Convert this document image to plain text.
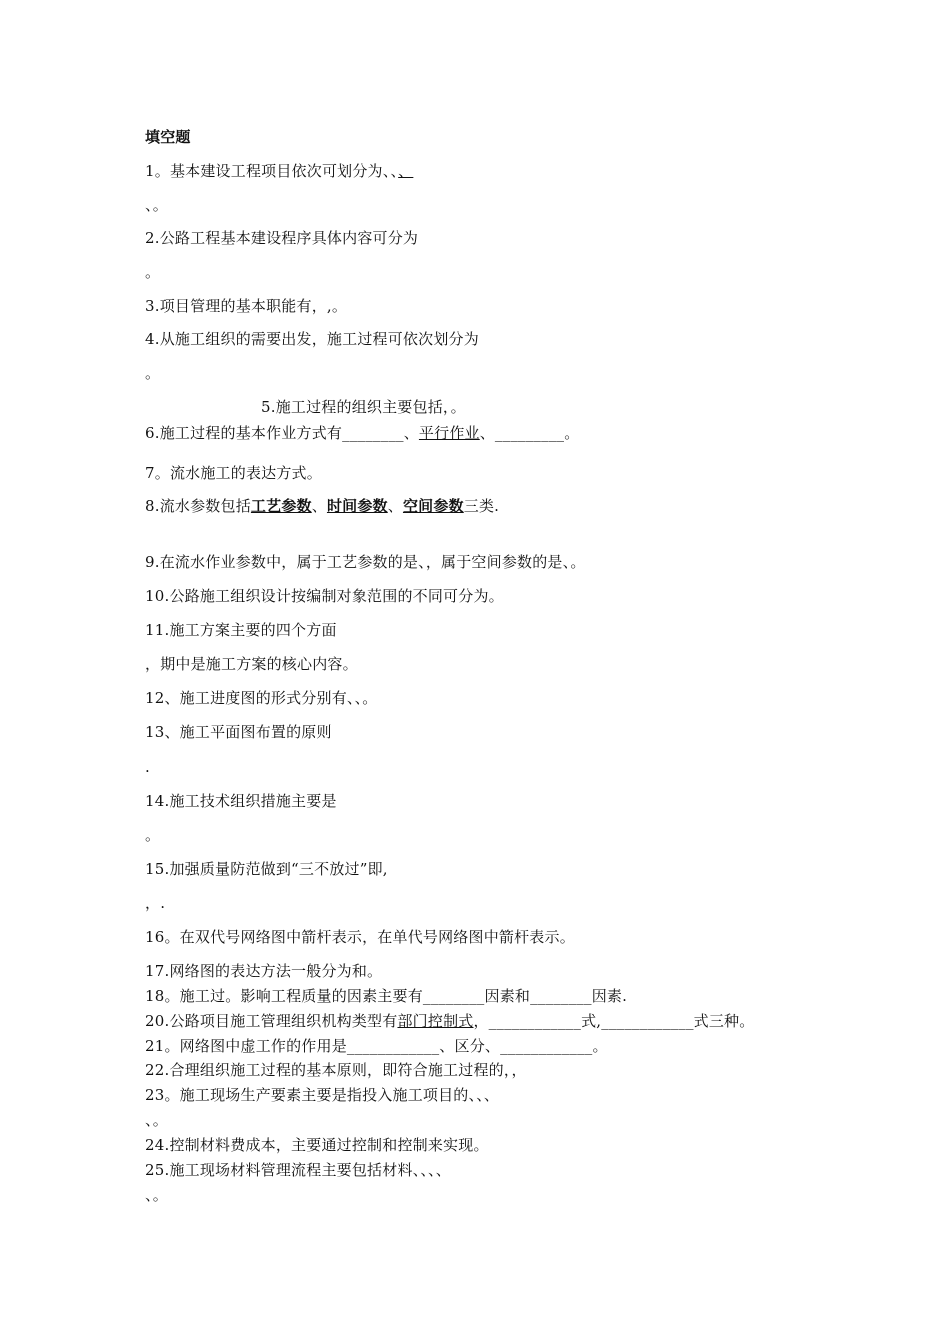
填空题
1。基本建设工程项目依次可划分为、、、
、。
2.公路工程基本建设程序具体内容可分为
。
3.项目管理的基本职能有，,。
4.从施工组织的需要出发，施工过程可依次划分为
。
5.施工过程的组织主要包括，。
6.施工过程的基本作业方式有________、平行作业、_________。
7。流水施工的表达方式。
8.流水参数包括工艺参数、时间参数、空间参数三类.
9.在流水作业参数中，属于工艺参数的是、，属于空间参数的是、。
10.公路施工组织设计按编制对象范围的不同可分为。
11.施工方案主要的四个方面
，期中是施工方案的核心内容。
12、施工进度图的形式分别有、、。
13、施工平面图布置的原则
.
14.施工技术组织措施主要是
。
15.加强质量防范做到“三不放过”即,
，.
16。在双代号网络图中箭杆表示，在单代号网络图中箭杆表示。
17.网络图的表达方法一般分为和。
18。施工过。影响工程质量的因素主要有________因素和________因素.
20.公路项目施工管理组织机构类型有部门控制式，____________式,____________式三种。
21。网络图中虚工作的作用是____________、区分、____________。
22.合理组织施工过程的基本原则，即符合施工过程的，，
23。施工现场生产要素主要是指投入施工项目的、、、
、。
24.控制材料费成本，主要通过控制和控制来实现。
25.施工现场材料管理流程主要包括材料、、、、
、。
